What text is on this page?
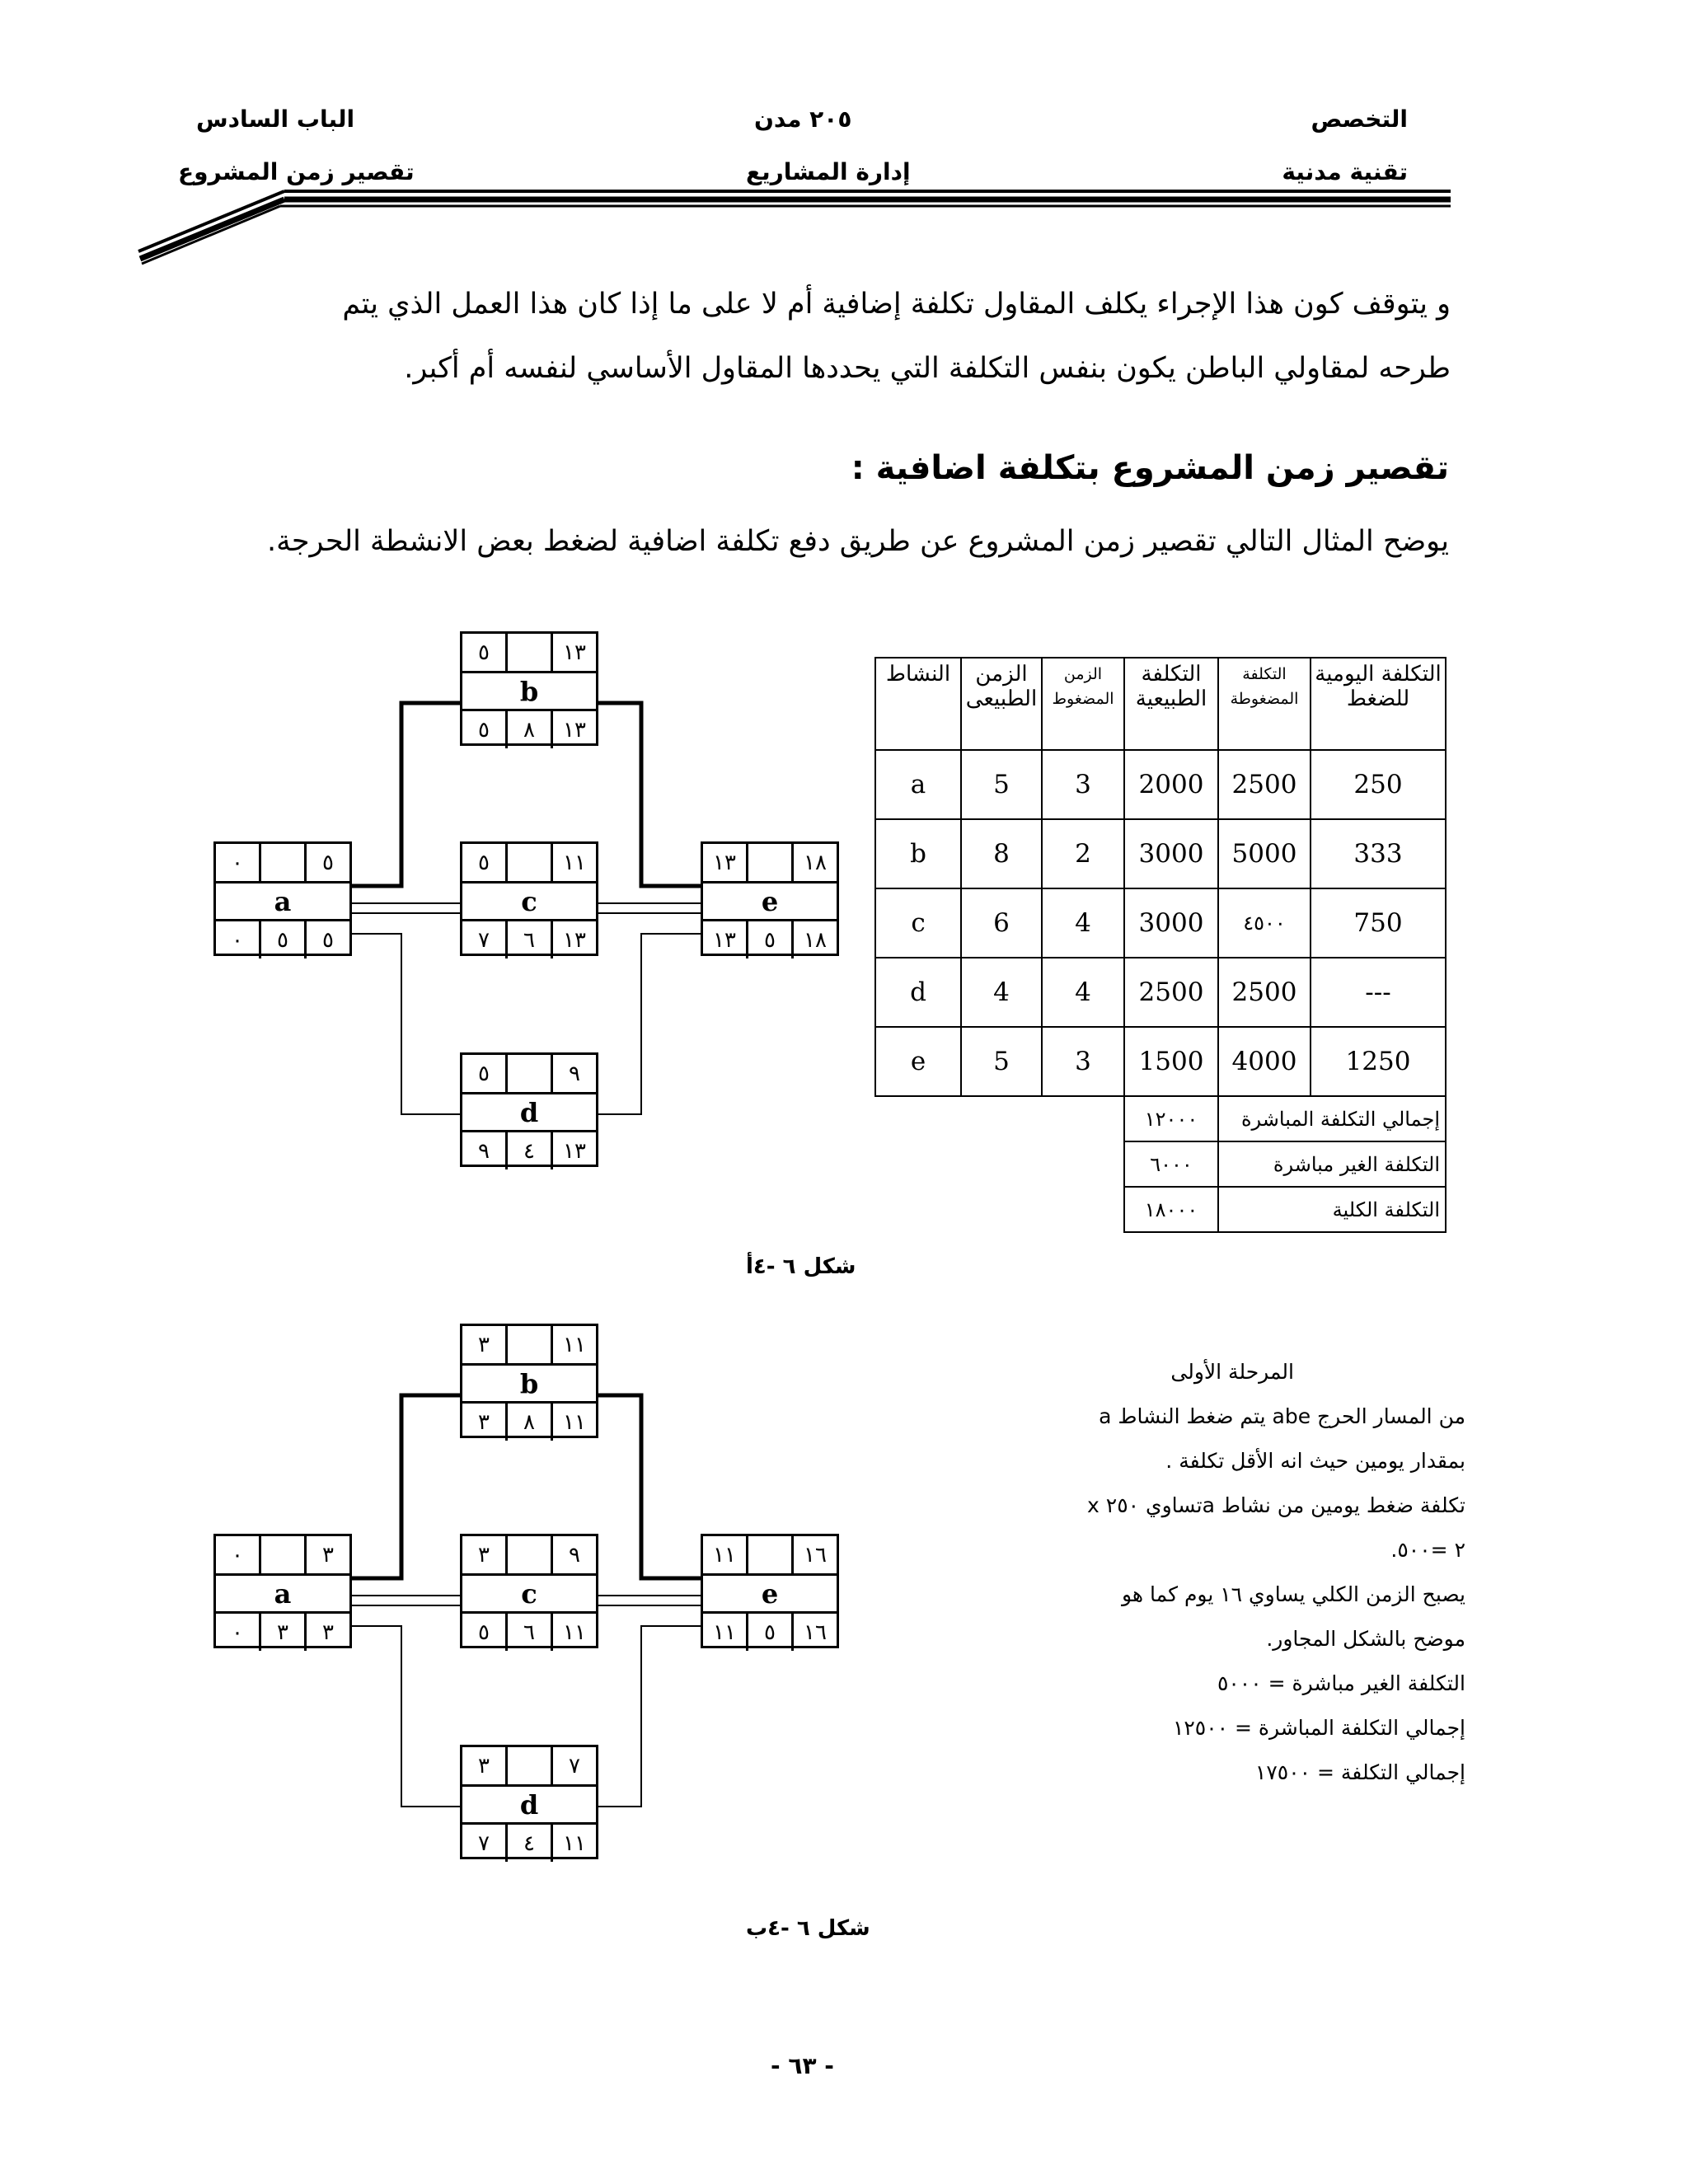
التخصص
تقنية مدنية
٢٠٥ مدن
إدارة المشاريع
الباب السادس
تقصير زمن المشروع
و يتوقف كون هذا الإجراء يكلف المقاول تكلفة إضافية أم لا على ما إذا كان هذا العمل الذي يتم
طرحه لمقاولي الباطن يكون بنفس التكلفة التي يحددها المقاول الأساسي لنفسه أم أكبر.
تقصير زمن المشروع بتكلفة اضافية :
يوضح المثال التالي تقصير زمن المشروع عن طريق دفع تكلفة اضافية لضغط بعض الانشطة الحرجة.
٥	١٣
b
٥	٨	١٣
٠	٥
a
٠	٥	٥
٥	١١
c
٧	٦	١٣
١٣	١٨
e
١٣	٥	١٨
٥	٩
d
٩	٤	١٣
التكلفة اليومية للضغط	التكلفة المضغوطة	التكلفة الطبيعية	الزمن المضغوط	الزمن الطبيعى	النشاط
250	2500	2000	3	5	a
333	5000	3000	2	8	b
750	٤٥٠٠	3000	4	6	c
---	2500	2500	4	4	d
1250	4000	1500	3	5	e
إجمالي التكلفة المباشرة		١٢٠٠٠			
التكلفة الغير مباشرة		٦٠٠٠			
التكلفة الكلية		١٨٠٠٠			
شكل ٦ -٤أ
٣	١١
b
٣	٨	١١
٠	٣
a
٠	٣	٣
٣	٩
c
٥	٦	١١
١١	١٦
e
١١	٥	١٦
٣	٧
d
٧	٤	١١
المرحلة الأولى
من المسار الحرج abe يتم ضغط النشاط a
بمقدار يومين حيث انه الأقل تكلفة .
تكلفة ضغط يومين من نشاط aتساوي ٢٥٠ x
٢ =٥٠٠.
يصبح الزمن الكلي يساوي ١٦ يوم كما هو
موضح بالشكل المجاور.
التكلفة الغير مباشرة = ٥٠٠٠
إجمالي التكلفة المباشرة = ١٢٥٠٠
إجمالي التكلفة = ١٧٥٠٠
شكل ٦ -٤ب
- ٦٣ -
